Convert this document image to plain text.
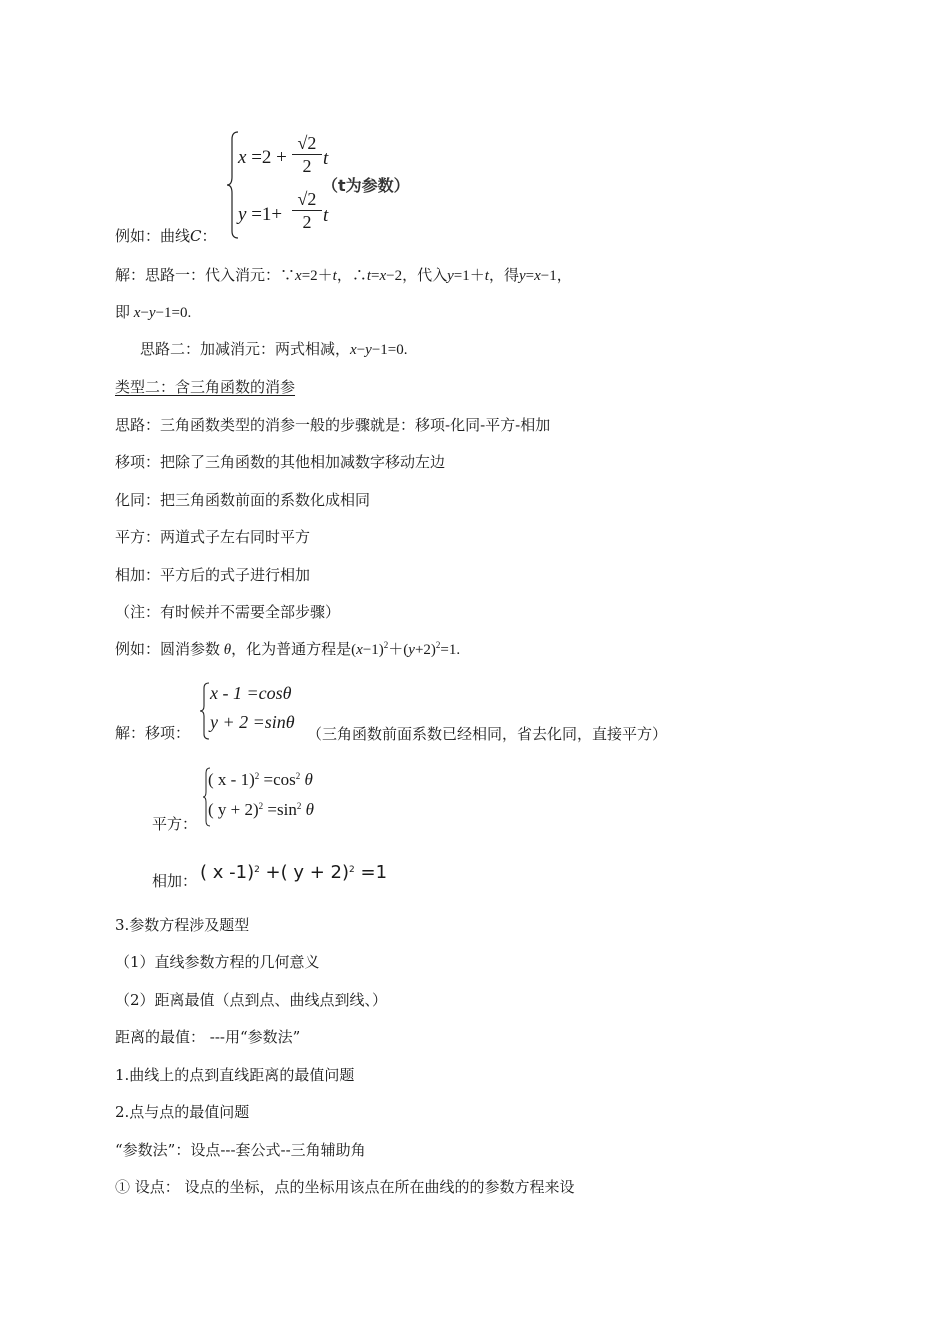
$x =2 + \frac{√2}{2}$ t
$y =1+ \frac{√2}{2}$ t
（t为参数）
例如：曲线C：
解：思路一：代入消元：∵x=2＋t，∴t=x−2，代入y=1＋t，得y=x−1，
即 x−y−1=0.
思路二：加减消元：两式相减，x−y−1=0.
类型二：含三角函数的消参
思路：三角函数类型的消参一般的步骤就是：移项-化同-平方-相加
移项：把除了三角函数的其他相加减数字移动左边
化同：把三角函数前面的系数化成相同
平方：两道式子左右同时平方
相加：平方后的式子进行相加
（注：有时候并不需要全部步骤）
例如：圆消参数 θ，化为普通方程是$(x-1)^2+(y+2)^2=1$.
x - 1 =cosθ
y + 2 =sinθ
解：移项：	（三角函数前面系数已经相同，省去化同，直接平方）
( $x - 1)^2 =\cos^2$ θ
( $y + 2)^2 =\sin^2$ θ
平方：
相加： ( x -1)$^2$ +( y + 2)$^2$ =1
3.参数方程涉及题型
（1）直线参数方程的几何意义
（2）距离最值（点到点、曲线点到线、）
距离的最值： ---用“参数法”
1.曲线上的点到直线距离的最值问题
2.点与点的最值问题
“参数法”：设点---套公式--三角辅助角
① 设点： 设点的坐标，点的坐标用该点在所在曲线的的参数方程来设
